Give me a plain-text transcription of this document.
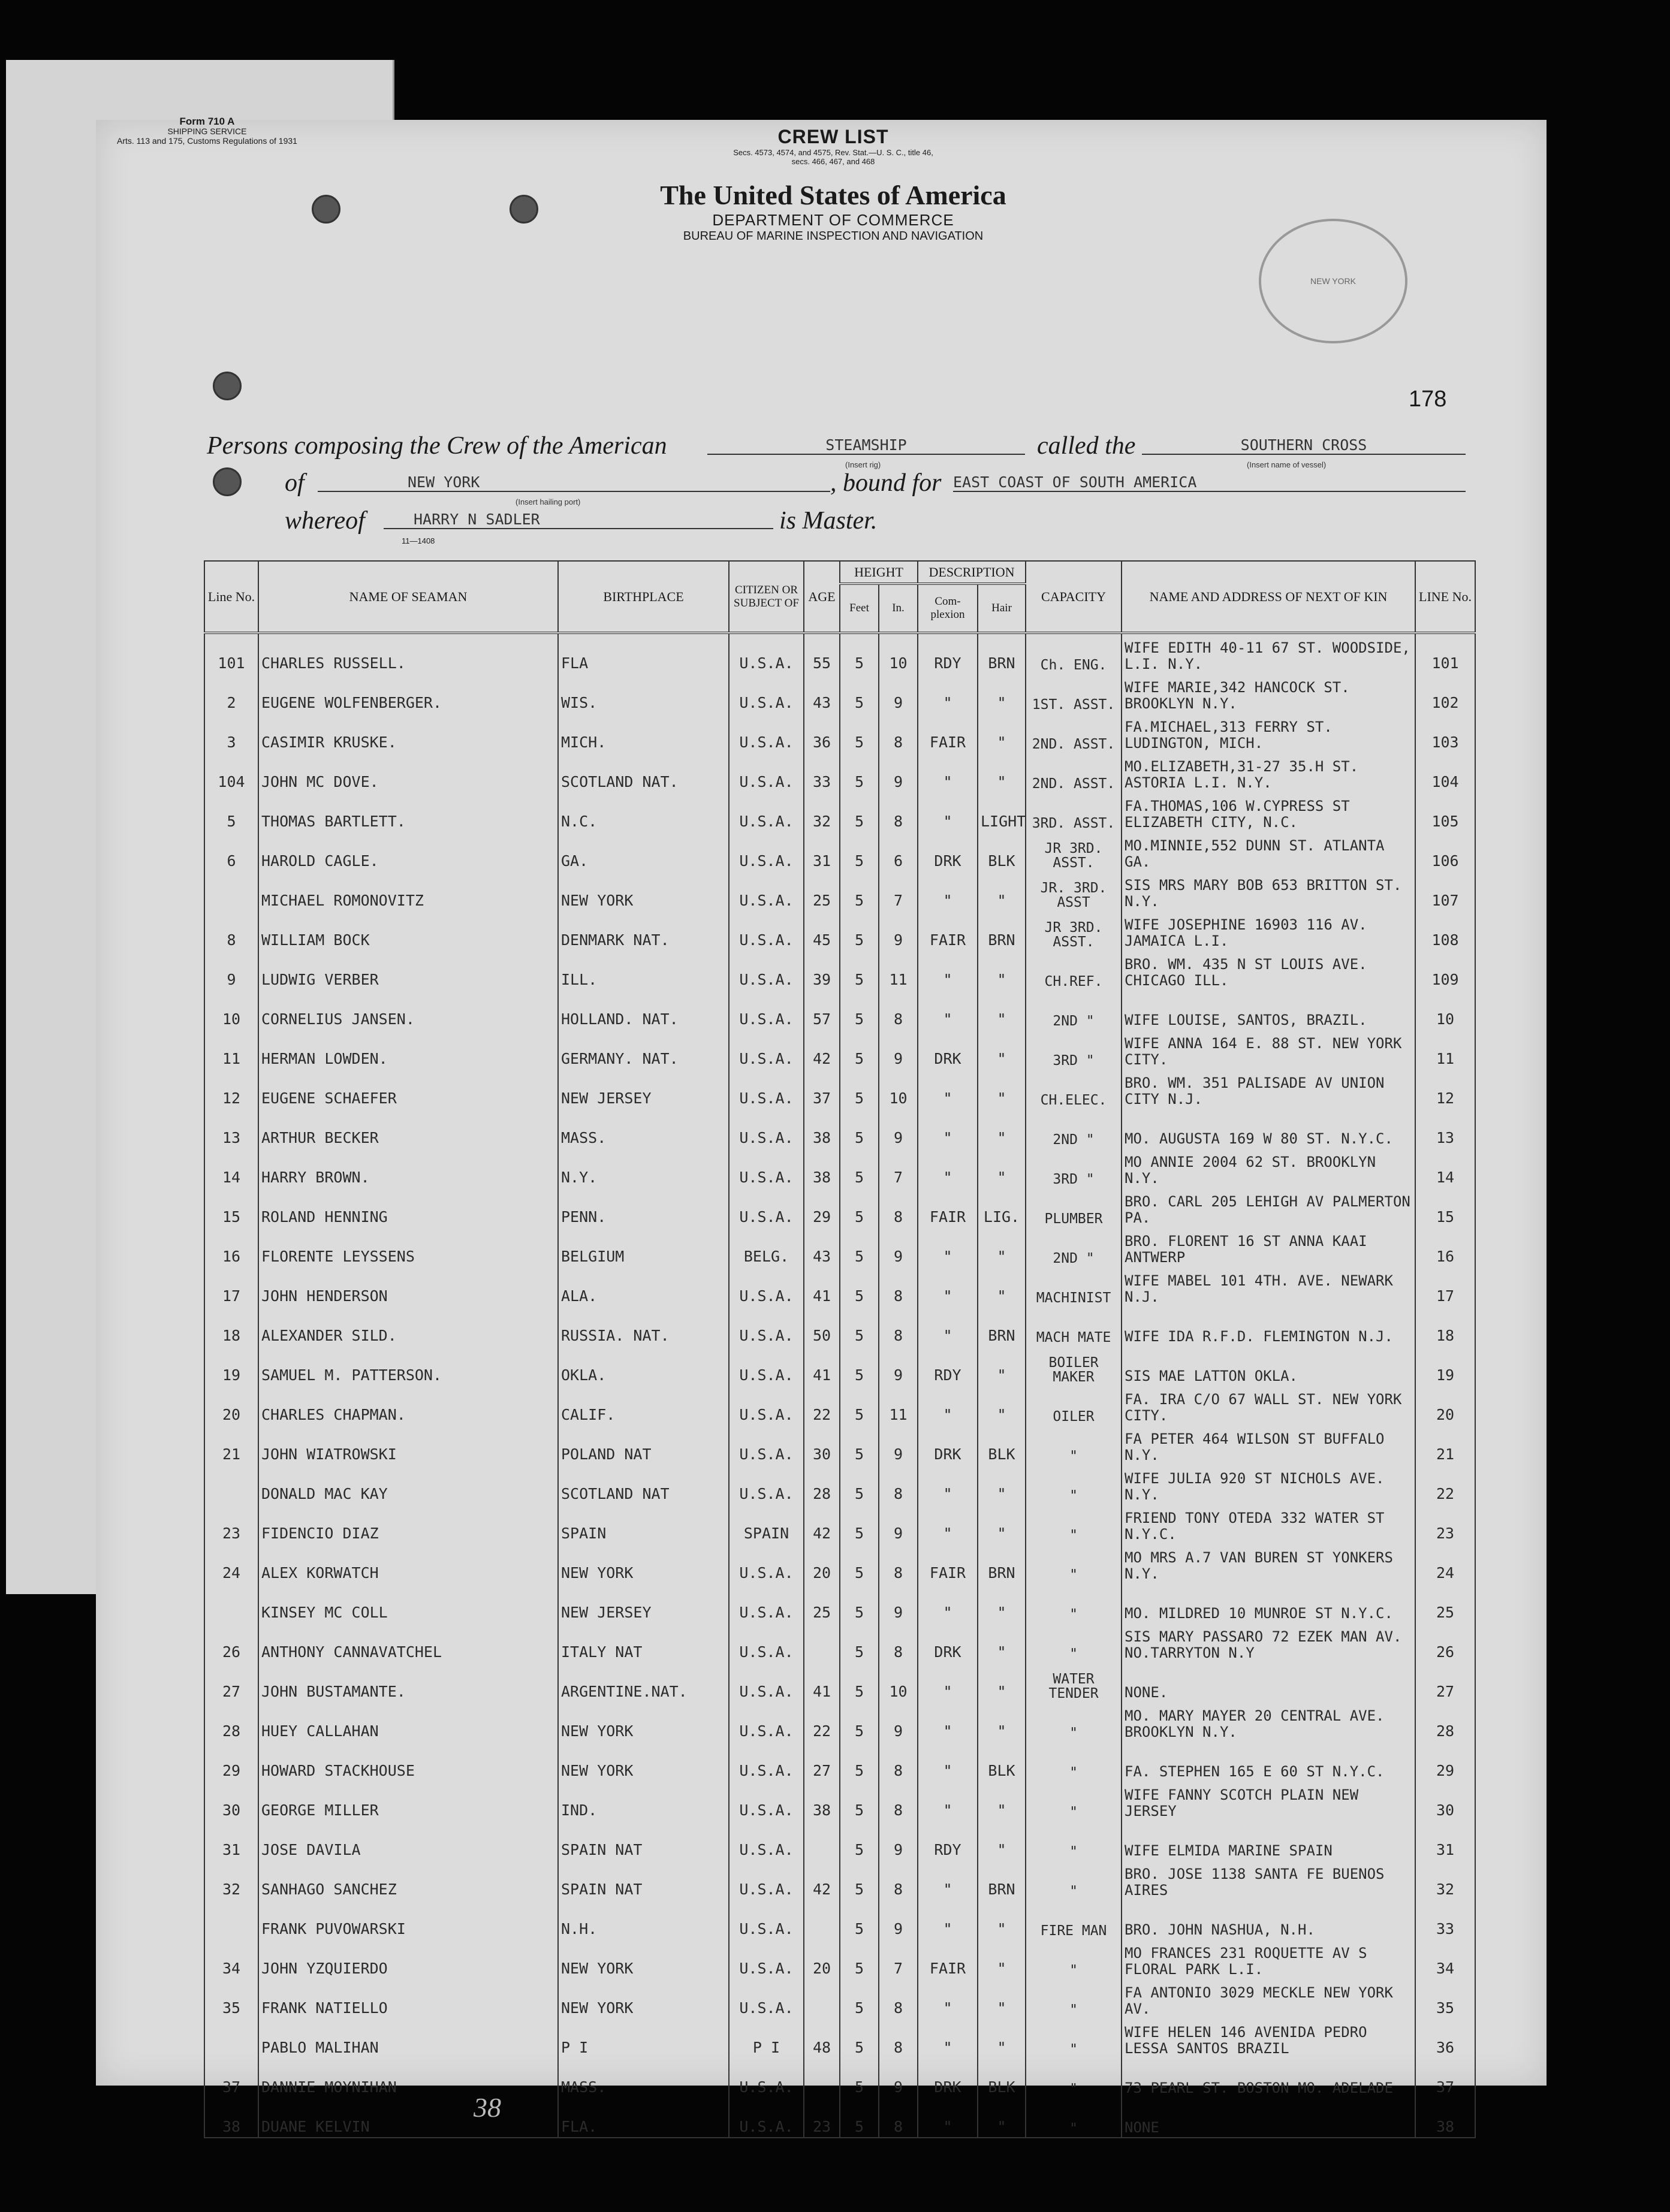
Form 710 A
SHIPPING SERVICE
Arts. 113 and 175, Customs Regulations of 1931	CREW LIST
Secs. 4573, 4574, and 4575, Rev. Stat.—U. S. C., title 46,
secs. 466, 467, and 468
The United States of America
DEPARTMENT OF COMMERCE
BUREAU OF MARINE INSPECTION AND NAVIGATION
NEW YORK
178
Persons composing the Crew of the American	STEAMSHIP
(Insert rig)
called the	SOUTHERN CROSS
(Insert name of vessel)
of	NEW YORK
(Insert hailing port)
, bound for EAST COAST OF SOUTH AMERICA
whereof	HARRY N SADLER	is Master.
11—1408
Line No.	NAME OF SEAMAN	BIRTHPLACE	CITIZEN OR SUBJECT OF	AGE	HEIGHT		DESCRIPTION		CAPACITY	NAME AND ADDRESS OF NEXT OF KIN	LINE No.
					Feet	In.	Com-plexion	Hair			
101	CHARLES RUSSELL.	FLA	U.S.A.	55	5	10	RDY	BRN	Ch. ENG.	WIFE EDITH 40-11 67 ST. WOODSIDE, L.I. N.Y.	101
2	EUGENE WOLFENBERGER.	WIS.	U.S.A.	43	5	9	"	"	1ST. ASST.	WIFE MARIE,342 HANCOCK ST. BROOKLYN N.Y.	102
3	CASIMIR KRUSKE.	MICH.	U.S.A.	36	5	8	FAIR	"	2ND. ASST.	FA.MICHAEL,313 FERRY ST. LUDINGTON, MICH.	103
104	JOHN MC DOVE.	SCOTLAND NAT.	U.S.A.	33	5	9	"	"	2ND. ASST.	MO.ELIZABETH,31-27 35.H ST. ASTORIA L.I. N.Y.	104
5	THOMAS BARTLETT.	N.C.	U.S.A.	32	5	8	"	LIGHT	3RD. ASST.	FA.THOMAS,106 W.CYPRESS ST ELIZABETH CITY, N.C.	105
6	HAROLD CAGLE.	GA.	U.S.A.	31	5	6	DRK	BLK	JR 3RD. ASST.	MO.MINNIE,552 DUNN ST. ATLANTA GA.	106
	MICHAEL ROMONOVITZ	NEW YORK	U.S.A.	25	5	7	"	"	JR. 3RD. ASST	SIS MRS MARY BOB 653 BRITTON ST. N.Y.	107
8	WILLIAM BOCK	DENMARK NAT.	U.S.A.	45	5	9	FAIR	BRN	JR 3RD. ASST.	WIFE JOSEPHINE 16903 116 AV. JAMAICA L.I.	108
9	LUDWIG VERBER	ILL.	U.S.A.	39	5	11	"	"	CH.REF.	BRO. WM. 435 N ST LOUIS AVE. CHICAGO ILL.	109
10	CORNELIUS JANSEN.	HOLLAND. NAT.	U.S.A.	57	5	8	"	"	2ND "	WIFE LOUISE, SANTOS, BRAZIL.	10
11	HERMAN LOWDEN.	GERMANY. NAT.	U.S.A.	42	5	9	DRK	"	3RD "	WIFE ANNA 164 E. 88 ST. NEW YORK CITY.	11
12	EUGENE SCHAEFER	NEW JERSEY	U.S.A.	37	5	10	"	"	CH.ELEC.	BRO. WM. 351 PALISADE AV UNION CITY N.J.	12
13	ARTHUR BECKER	MASS.	U.S.A.	38	5	9	"	"	2ND "	MO. AUGUSTA 169 W 80 ST. N.Y.C.	13
14	HARRY BROWN.	N.Y.	U.S.A.	38	5	7	"	"	3RD "	MO ANNIE 2004 62 ST. BROOKLYN N.Y.	14
15	ROLAND HENNING	PENN.	U.S.A.	29	5	8	FAIR	LIG.	PLUMBER	BRO. CARL 205 LEHIGH AV PALMERTON PA.	15
16	FLORENTE LEYSSENS	BELGIUM	BELG.	43	5	9	"	"	2ND "	BRO. FLORENT 16 ST ANNA KAAI ANTWERP	16
17	JOHN HENDERSON	ALA.	U.S.A.	41	5	8	"	"	MACHINIST	WIFE MABEL 101 4TH. AVE. NEWARK N.J.	17
18	ALEXANDER SILD.	RUSSIA. NAT.	U.S.A.	50	5	8	"	BRN	MACH MATE	WIFE IDA R.F.D. FLEMINGTON N.J.	18
19	SAMUEL M. PATTERSON.	OKLA.	U.S.A.	41	5	9	RDY	"	BOILER MAKER	SIS MAE LATTON OKLA.	19
20	CHARLES CHAPMAN.	CALIF.	U.S.A.	22	5	11	"	"	OILER	FA. IRA C/O 67 WALL ST. NEW YORK CITY.	20
21	JOHN WIATROWSKI	POLAND NAT	U.S.A.	30	5	9	DRK	BLK	"	FA PETER 464 WILSON ST BUFFALO N.Y.	21
	DONALD MAC KAY	SCOTLAND NAT	U.S.A.	28	5	8	"	"	"	WIFE JULIA 920 ST NICHOLS AVE. N.Y.	22
23	FIDENCIO DIAZ	SPAIN	SPAIN	42	5	9	"	"	"	FRIEND TONY OTEDA 332 WATER ST N.Y.C.	23
24	ALEX KORWATCH	NEW YORK	U.S.A.	20	5	8	FAIR	BRN	"	MO MRS A.7 VAN BUREN ST YONKERS N.Y.	24
	KINSEY MC COLL	NEW JERSEY	U.S.A.	25	5	9	"	"	"	MO. MILDRED 10 MUNROE ST N.Y.C.	25
26	ANTHONY CANNAVATCHEL	ITALY NAT	U.S.A.		5	8	DRK	"	"	SIS MARY PASSARO 72 EZEK MAN AV. NO.TARRYTON N.Y	26
27	JOHN BUSTAMANTE.	ARGENTINE.NAT.	U.S.A.	41	5	10	"	"	WATER TENDER	NONE.	27
28	HUEY CALLAHAN	NEW YORK	U.S.A.	22	5	9	"	"	"	MO. MARY MAYER 20 CENTRAL AVE. BROOKLYN N.Y.	28
29	HOWARD STACKHOUSE	NEW YORK	U.S.A.	27	5	8	"	BLK	"	FA. STEPHEN 165 E 60 ST N.Y.C.	29
30	GEORGE MILLER	IND.	U.S.A.	38	5	8	"	"	"	WIFE FANNY SCOTCH PLAIN NEW JERSEY	30
31	JOSE DAVILA	SPAIN NAT	U.S.A.		5	9	RDY	"	"	WIFE ELMIDA MARINE SPAIN	31
32	SANHAGO SANCHEZ	SPAIN NAT	U.S.A.	42	5	8	"	BRN	"	BRO. JOSE 1138 SANTA FE BUENOS AIRES	32
	FRANK PUVOWARSKI	N.H.	U.S.A.		5	9	"	"	FIRE MAN	BRO. JOHN NASHUA, N.H.	33
34	JOHN YZQUIERDO	NEW YORK	U.S.A.	20	5	7	FAIR	"	"	MO FRANCES 231 ROQUETTE AV S FLORAL PARK L.I.	34
35	FRANK NATIELLO	NEW YORK	U.S.A.		5	8	"	"	"	FA ANTONIO 3029 MECKLE NEW YORK AV.	35
	PABLO MALIHAN	P I	P I	48	5	8	"	"	"	WIFE HELEN 146 AVENIDA PEDRO LESSA SANTOS BRAZIL	36
37	DANNIE MOYNIHAN	MASS.	U.S.A.		5	9	DRK	BLK	"	73 PEARL ST. BOSTON MO. ADELADE	37
38	DUANE KELVIN	FLA.	U.S.A.	23	5	8	"	"	"	NONE	38
38
